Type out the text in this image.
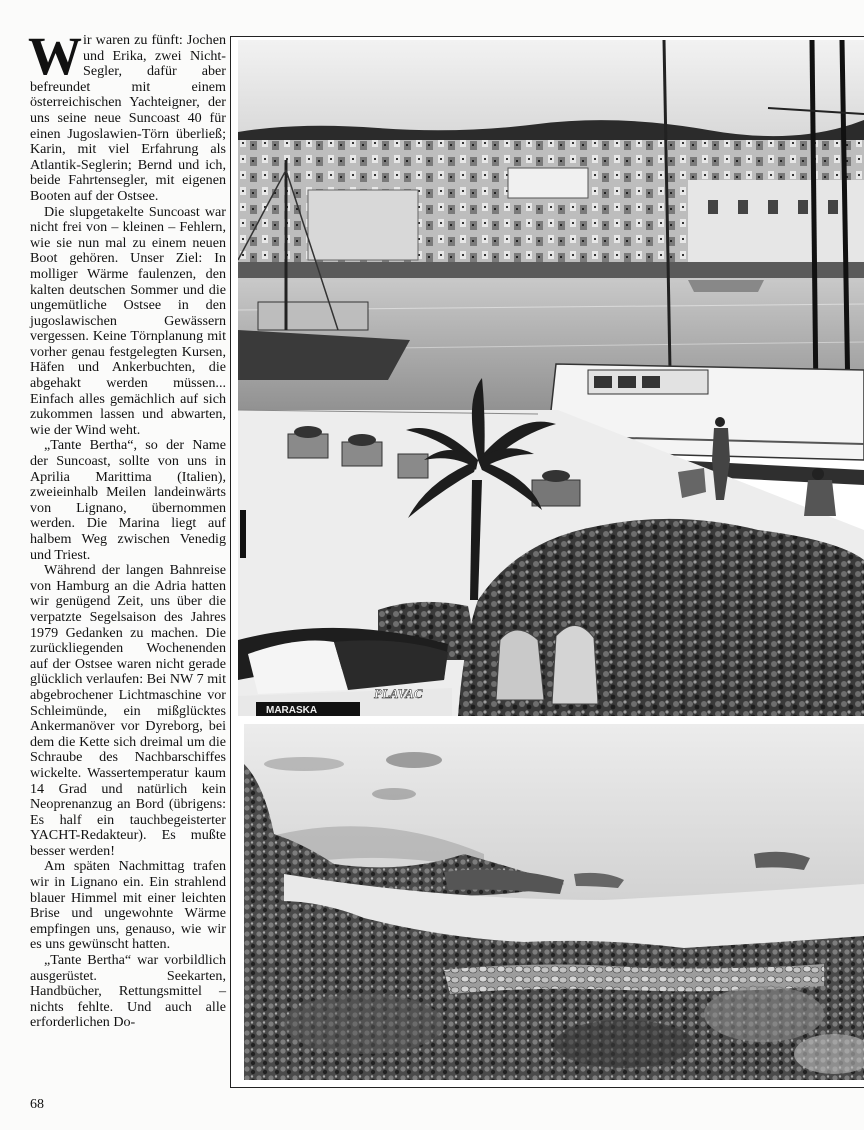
Wir waren zu fünft: Jochen und Erika, zwei Nicht-Segler, dafür aber befreundet mit einem österreichischen Yachteigner, der uns seine neue Suncoast 40 für einen Jugoslawien-Törn überließ; Karin, mit viel Erfahrung als Atlantik-Seglerin; Bernd und ich, beide Fahrtensegler, mit eigenen Booten auf der Ostsee.

Die slupgetakelte Suncoast war nicht frei von – kleinen – Fehlern, wie sie nun mal zu einem neuen Boot gehören. Unser Ziel: In molliger Wärme faulenzen, den kalten deutschen Sommer und die ungemütliche Ostsee in den jugoslawischen Gewässern vergessen. Keine Törnplanung mit vorher genau festgelegten Kursen, Häfen und Ankerbuchten, die abgehakt werden müssen... Einfach alles gemächlich auf sich zukommen lassen und abwarten, wie der Wind weht.

„Tante Bertha“, so der Name der Suncoast, sollte von uns in Aprilia Marittima (Italien), zweieinhalb Meilen landeinwärts von Lignano, übernommen werden. Die Marina liegt auf halbem Weg zwischen Venedig und Triest.

Während der langen Bahnreise von Hamburg an die Adria hatten wir genügend Zeit, uns über die verpatzte Segelsaison des Jahres 1979 Gedanken zu machen. Die zurückliegenden Wochenenden auf der Ostsee waren nicht gerade glücklich verlaufen: Bei NW 7 mit abgebrochener Lichtmaschine vor Schleimünde, ein mißglücktes Ankermanöver vor Dyreborg, bei dem die Kette sich dreimal um die Schraube des Nachbarschiffes wickelte. Wassertemperatur kaum 14 Grad und natürlich kein Neoprenanzug an Bord (übrigens: Es half ein tauchbegeisterter YACHT-Redakteur). Es mußte besser werden!

Am späten Nachmittag trafen wir in Lignano ein. Ein strahlend blauer Himmel mit einer leichten Brise und ungewohnte Wärme empfingen uns, genauso, wie wir es uns gewünscht hatten.

„Tante Bertha“ war vorbildlich ausgerüstet. Seekarten, Handbücher, Rettungsmittel – nichts fehlte. Und auch alle erforderlichen Do-

68
PLAVAC
MARASKA
